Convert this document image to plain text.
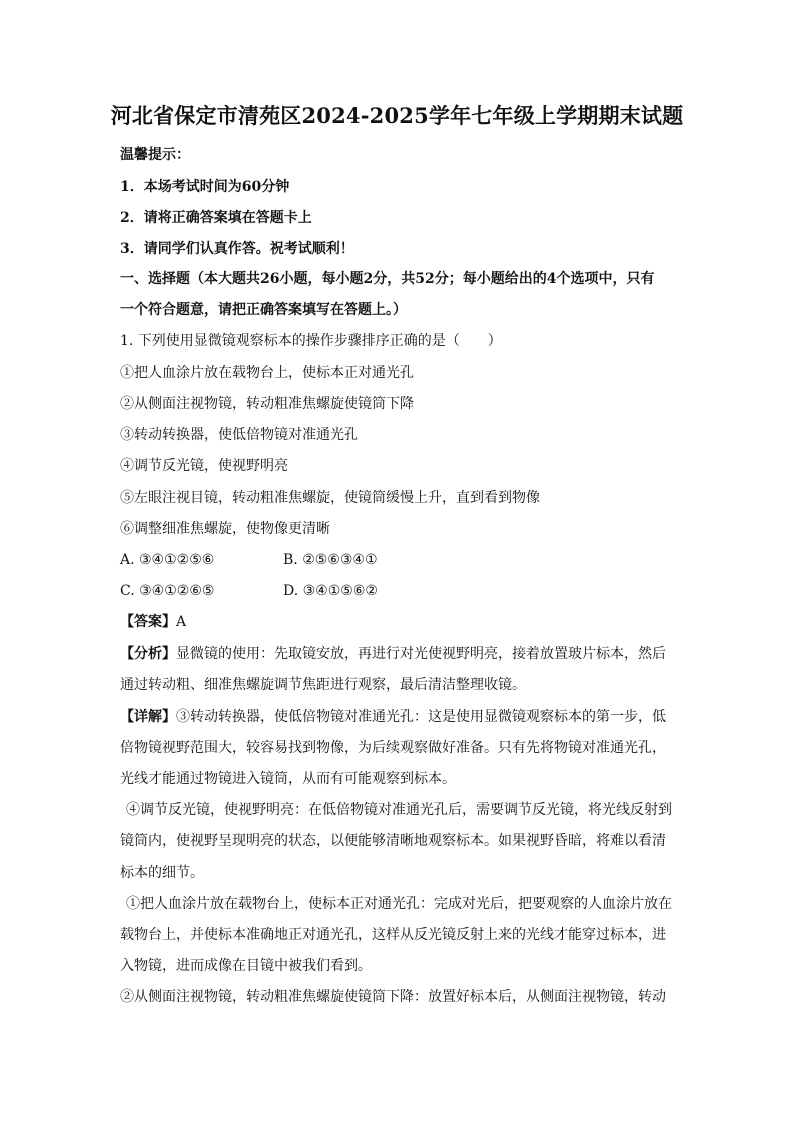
河北省保定市清苑区2024-2025学年七年级上学期期末试题
温馨提示：
1．本场考试时间为60分钟
2．请将正确答案填在答题卡上
3．请同学们认真作答。祝考试顺利！
一、选择题（本大题共26小题，每小题2分，共52分；每小题给出的4个选项中，只有
一个符合题意，请把正确答案填写在答题上。）
1. 下列使用显微镜观察标本的操作步骤排序正确的是（　　）
①把人血涂片放在载物台上，使标本正对通光孔
②从侧面注视物镜，转动粗准焦螺旋使镜筒下降
③转动转换器，使低倍物镜对准通光孔
④调节反光镜，使视野明亮
⑤左眼注视目镜，转动粗准焦螺旋，使镜筒缓慢上升，直到看到物像
⑥调整细准焦螺旋，使物像更清晰
A. ③④①②⑤⑥	B. ②⑤⑥③④①
C. ③④①②⑥⑤	D. ③④①⑤⑥②
【答案】A
【分析】显微镜的使用：先取镜安放，再进行对光使视野明亮，接着放置玻片标本，然后
通过转动粗、细准焦螺旋调节焦距进行观察，最后清洁整理收镜。
【详解】③转动转换器，使低倍物镜对准通光孔：这是使用显微镜观察标本的第一步，低
倍物镜视野范围大，较容易找到物像，为后续观察做好准备。只有先将物镜对准通光孔，
光线才能通过物镜进入镜筒，从而有可能观察到标本。
④调节反光镜，使视野明亮：在低倍物镜对准通光孔后，需要调节反光镜，将光线反射到
镜筒内，使视野呈现明亮的状态，以便能够清晰地观察标本。如果视野昏暗，将难以看清
标本的细节。
①把人血涂片放在载物台上，使标本正对通光孔：完成对光后，把要观察的人血涂片放在
载物台上，并使标本准确地正对通光孔，这样从反光镜反射上来的光线才能穿过标本，进
入物镜，进而成像在目镜中被我们看到。
②从侧面注视物镜，转动粗准焦螺旋使镜筒下降：放置好标本后，从侧面注视物镜，转动
